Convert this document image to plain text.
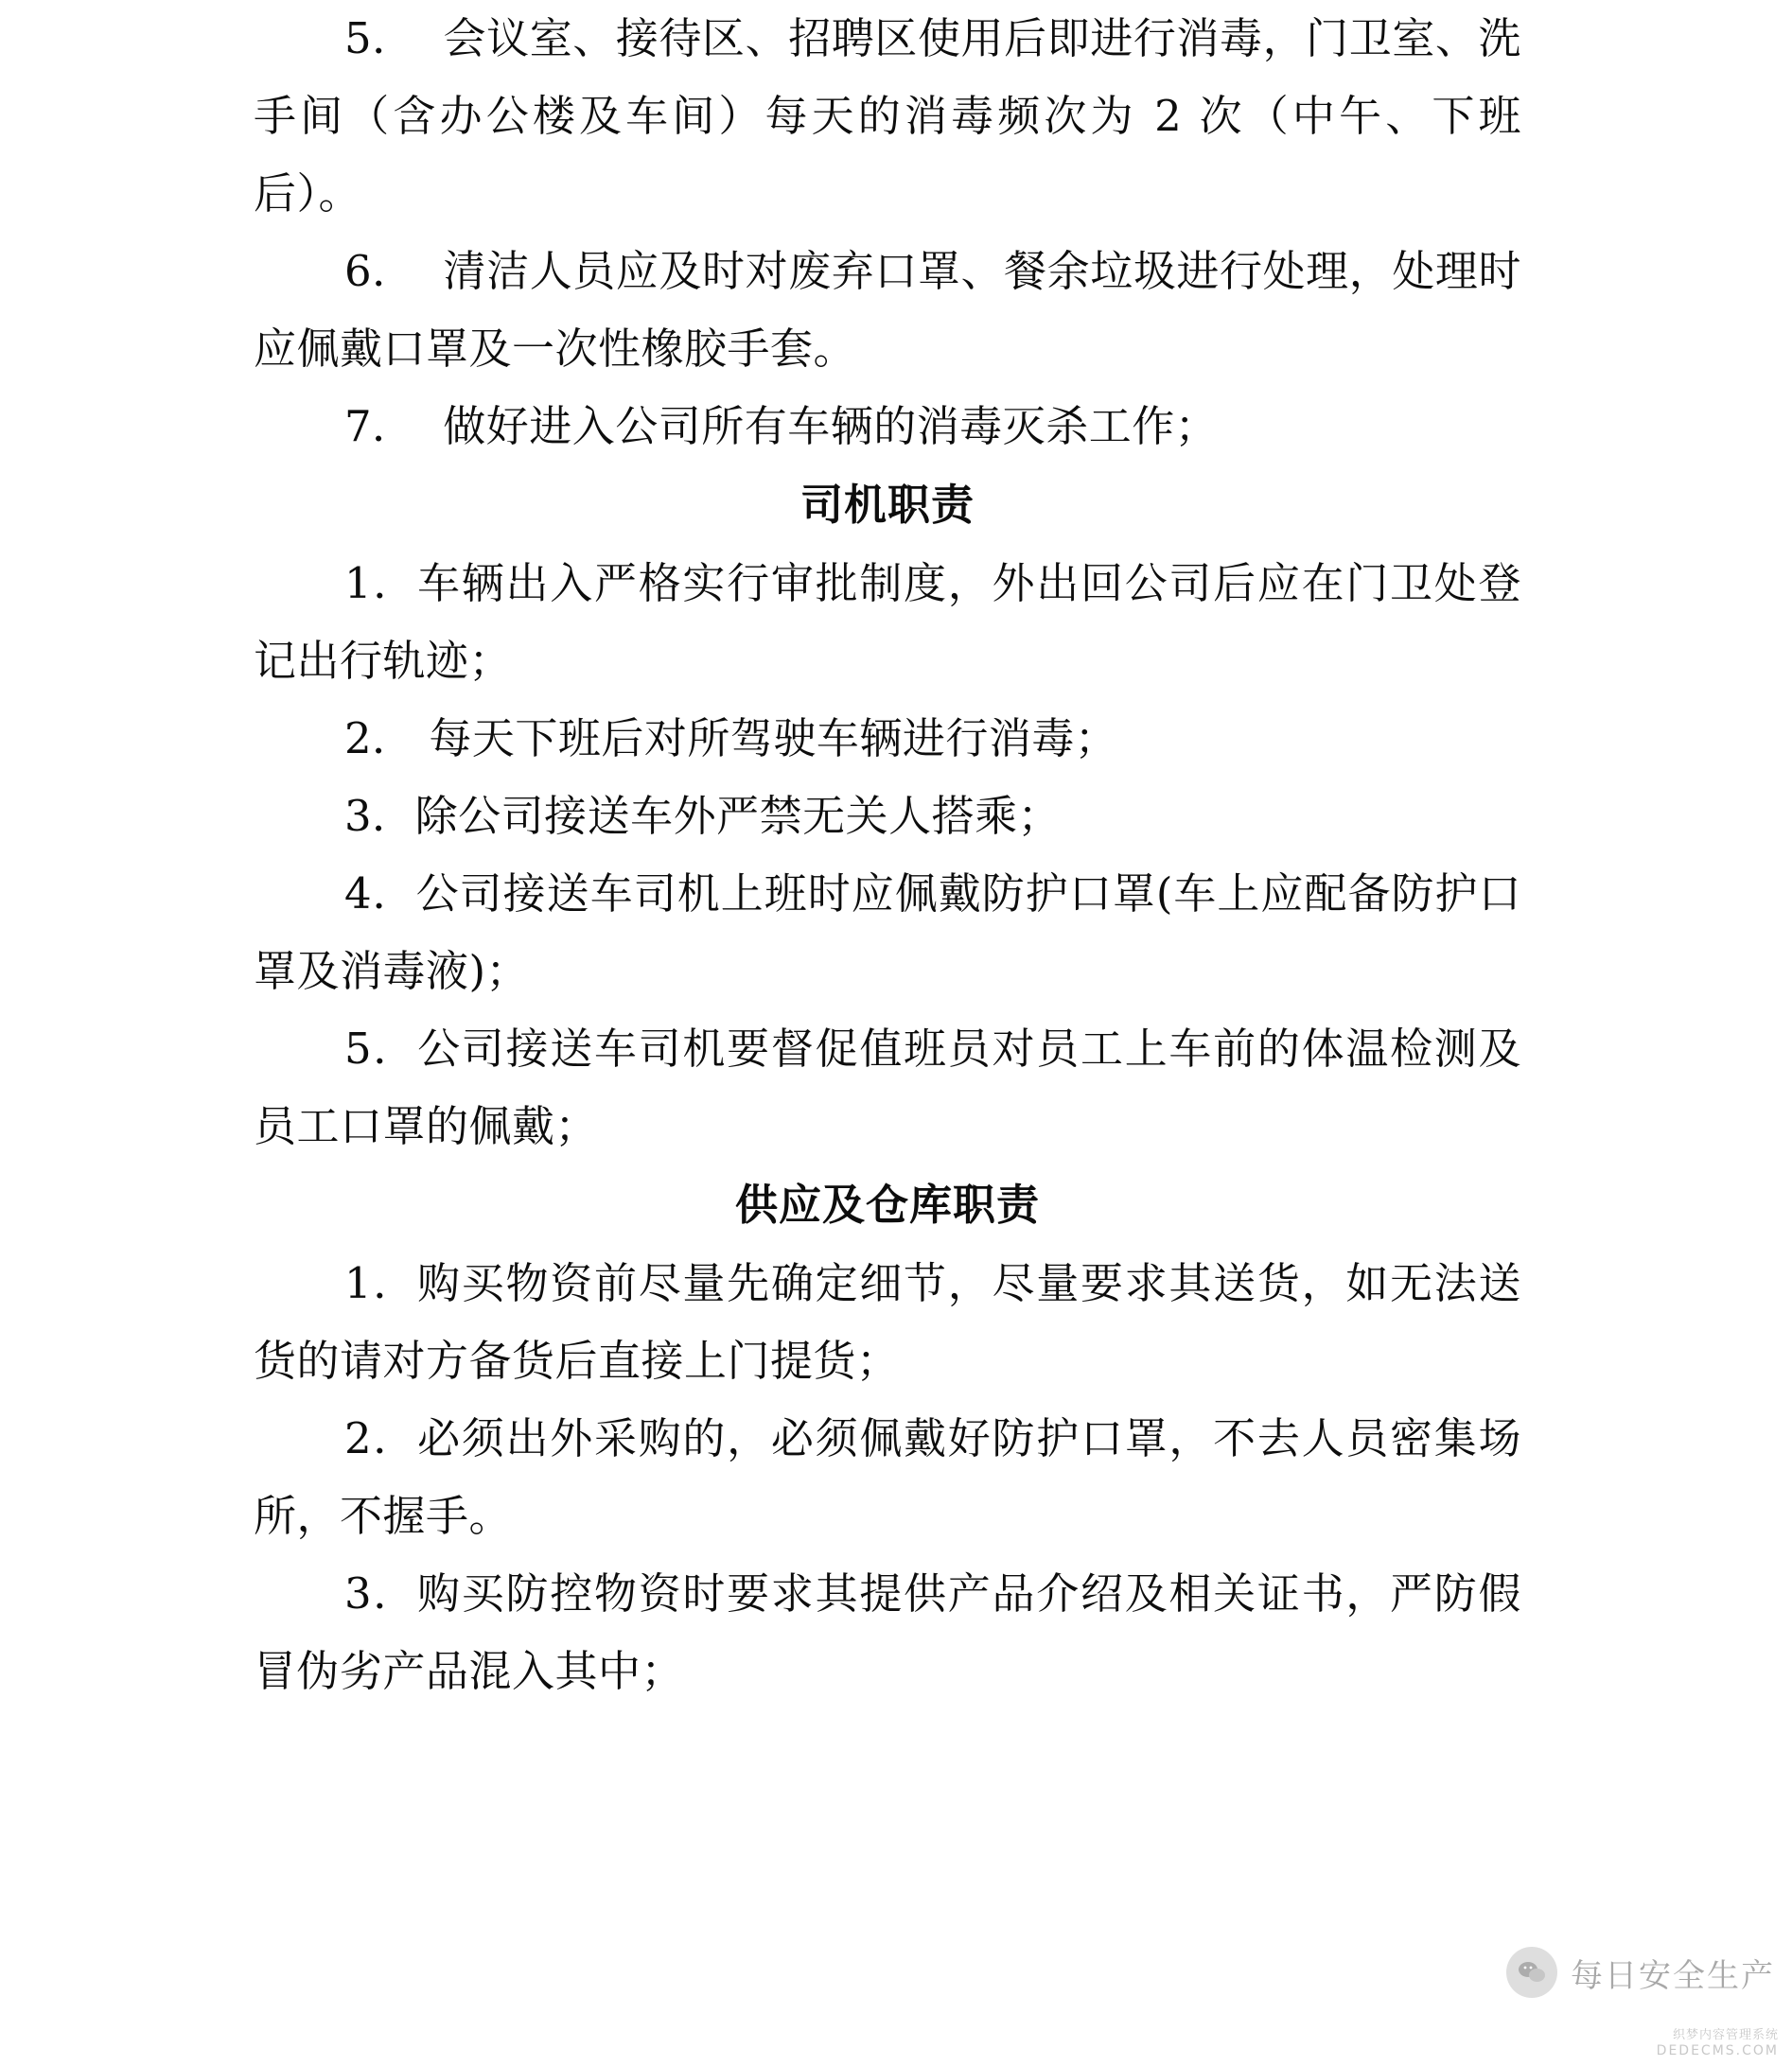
5．  会议室、接待区、招聘区使用后即进行消毒，门卫室、洗手间（含办公楼及车间）每天的消毒频次为 2 次（中午、下班后）。

6．  清洁人员应及时对废弃口罩、餐余垃圾进行处理，处理时应佩戴口罩及一次性橡胶手套。

7．  做好进入公司所有车辆的消毒灭杀工作；

司机职责

1．车辆出入严格实行审批制度，外出回公司后应在门卫处登记出行轨迹；

2． 每天下班后对所驾驶车辆进行消毒；

3．除公司接送车外严禁无关人搭乘；

4．公司接送车司机上班时应佩戴防护口罩(车上应配备防护口罩及消毒液)；

5．公司接送车司机要督促值班员对员工上车前的体温检测及员工口罩的佩戴；

供应及仓库职责

1．购买物资前尽量先确定细节，尽量要求其送货，如无法送货的请对方备货后直接上门提货；

2．必须出外采购的，必须佩戴好防护口罩，不去人员密集场所，不握手。

3．购买防控物资时要求其提供产品介绍及相关证书，严防假冒伪劣产品混入其中；

每日安全生产
织梦内容管理系统
DEDECMS.COM
